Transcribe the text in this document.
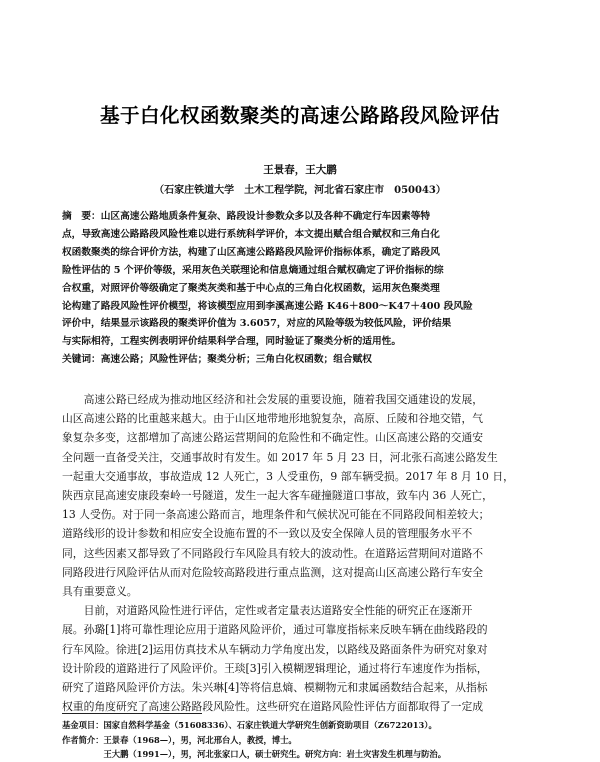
基于白化权函数聚类的高速公路路段风险评估
王景春，王大鹏
（石家庄铁道大学　土木工程学院，河北省石家庄市　050043）
摘　要：山区高速公路地质条件复杂、路段设计参数众多以及各种不确定行车因素等特
点，导致高速公路路段风险性难以进行系统科学评价，本文提出赋合组合赋权和三角白化
权函数聚类的综合评价方法，构建了山区高速公路路段风险评价指标体系，确定了路段风
险性评估的 5 个评价等级，采用灰色关联理论和信息熵通过组合赋权确定了评价指标的综
合权重，对照评价等级确定了聚类灰类和基于中心点的三角白化权函数，运用灰色聚类理
论构建了路段风险性评价模型，将该模型应用到李溪高速公路 K46＋800～K47＋400 段风险
评价中，结果显示该路段的聚类评价值为 3.6057，对应的风险等级为较低风险，评价结果
与实际相符，工程实例表明评价结果科学合理，同时验证了聚类分析的适用性。
关键词：高速公路；风险性评估；聚类分析；三角白化权函数；组合赋权
　　高速公路已经成为推动地区经济和社会发展的重要设施，随着我国交通建设的发展，
山区高速公路的比重越来越大。由于山区地带地形地貌复杂，高原、丘陵和谷地交错，气
象复杂多变，这都增加了高速公路运营期间的危险性和不确定性。山区高速公路的交通安
全问题一直备受关注，交通事故时有发生。如 2017 年 5 月 23 日，河北张石高速公路发生
一起重大交通事故，事故造成 12 人死亡，3 人受重伤，9 部车辆受损。2017 年 8 月 10 日，
陕西京昆高速安康段秦岭一号隧道，发生一起大客车碰撞隧道口事故，致车内 36 人死亡，
13 人受伤。对于同一条高速公路而言，地理条件和气候状况可能在不同路段间相差较大；
道路线形的设计参数和相应安全设施布置的不一致以及安全保障人员的管理服务水平不
同，这些因素又都导致了不同路段行车风险具有较大的波动性。在道路运营期间对道路不
同路段进行风险评估从而对危险较高路段进行重点监测，这对提高山区高速公路行车安全
具有重要意义。
　　目前，对道路风险性进行评估，定性或者定量表达道路安全性能的研究正在逐渐开
展。孙璐[1]将可靠性理论应用于道路风险评价，通过可靠度指标来反映车辆在曲线路段的
行车风险。徐进[2]运用仿真技术从车辆动力学角度出发，以路线及路面条件为研究对象对
设计阶段的道路进行了风险评价。王琰[3]引入模糊逻辑理论，通过将行车速度作为指标，
研究了道路风险评价方法。朱兴琳[4]等将信息熵、模糊物元和隶属函数结合起来，从指标
权重的角度研究了高速公路路段风险性。这些研究在道路风险性评估方面都取得了一定成
基金项目：国家自然科学基金（51608336）、石家庄铁道大学研究生创新资助项目（Z6722013）。
作者简介：王景春（1968—），男，河北邢台人，教授，博士。
　　　　　王大鹏（1991—），男，河北张家口人，硕士研究生。研究方向：岩土灾害发生机理与防治。
